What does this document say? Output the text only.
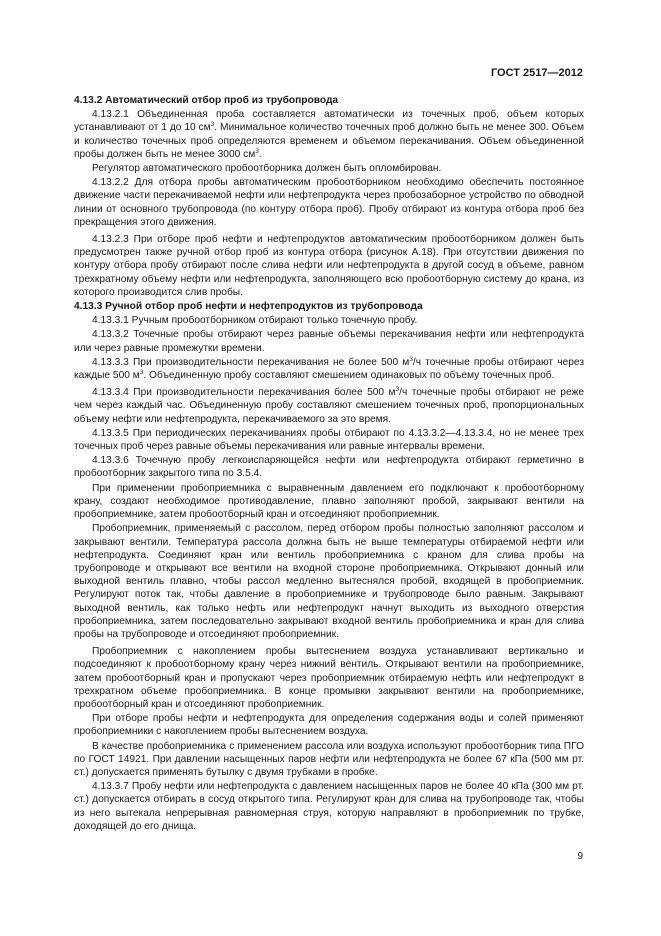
ГОСТ 2517—2012

4.13.2 Автоматический отбор проб из трубопровода

4.13.2.1 Объединенная проба составляется автоматически из точечных проб, объем которых устанавливают от 1 до 10 $см^3$. Минимальное количество точечных проб должно быть не менее 300. Объем и количество точечных проб определяются временем и объемом перекачивания. Объем объединенной пробы должен быть не менее 3000 $см^3$.

Регулятор автоматического пробоотборника должен быть опломбирован.

4.13.2.2 Для отбора пробы автоматическим пробоотборником необходимо обеспечить постоянное движение части перекачиваемой нефти или нефтепродукта через пробозаборное устройство по обводной линии от основного трубопровода (по контуру отбора проб). Пробу отбирают из контура отбора проб без прекращения этого движения.

4.13.2.3 При отборе проб нефти и нефтепродуктов автоматическим пробоотборником должен быть предусмотрен также ручной отбор проб из контура отбора (рисунок А.18). При отсутствии движения по контуру отбора пробу отбирают после слива нефти или нефтепродукта в другой сосуд в объеме, равном трехкратному объему нефти или нефтепродукта, заполняющего всю пробоотборную систему до крана, из которого производится слив пробы.

4.13.3 Ручной отбор проб нефти и нефтепродуктов из трубопровода

4.13.3.1 Ручным пробоотборником отбирают только точечную пробу.

4.13.3.2 Точечные пробы отбирают через равные объемы перекачивания нефти или нефтепродукта или через равные промежутки времени.

4.13.3.3 При производительности перекачивания не более 500 $м^3/ч$ точечные пробы отбирают через каждые 500 $м^3$. Объединенную пробу составляют смешением одинаковых по объему точечных проб.

4.13.3.4 При производительности перекачивания более 500 $м^3/ч$ точечные пробы отбирают не реже чем через каждый час. Объединенную пробу составляют смешением точечных проб, пропорциональных объему нефти или нефтепродукта, перекачиваемого за это время.

4.13.3.5 При периодических перекачиваниях пробы отбирают по 4.13.3.2—4.13.3.4, но не менее трех точечных проб через равные объемы перекачивания или равные интервалы времени.

4.13.3.6 Точечную пробу легкоиспаряющейся нефти или нефтепродукта отбирают герметично в пробоотборник закрытого типа по 3.5.4.

При применении пробоприемника с выравненным давлением его подключают к пробоотборному крану, создают необходимое противодавление, плавно заполняют пробой, закрывают вентили на пробоприемнике, затем пробоотборный кран и отсоединяют пробоприемник.

Пробоприемник, применяемый с рассолом, перед отбором пробы полностью заполняют рассолом и закрывают вентили. Температура рассола должна быть не выше температуры отбираемой нефти или нефтепродукта. Соединяют кран или вентиль пробоприемника с краном для слива пробы на трубопроводе и открывают все вентили на входной стороне пробоприемника. Открывают донный или выходной вентиль плавно, чтобы рассол медленно вытеснялся пробой, входящей в пробоприемник. Регулируют поток так, чтобы давление в пробоприемнике и трубопроводе было равным. Закрывают выходной вентиль, как только нефть или нефтепродукт начнут выходить из выходного отверстия пробоприемника, затем последовательно закрывают входной вентиль пробоприемника и кран для слива пробы на трубопроводе и отсоединяют пробоприемник.

Пробоприемник с накоплением пробы вытеснением воздуха устанавливают вертикально и подсоединяют к пробоотборному крану через нижний вентиль. Открывают вентили на пробоприемнике, затем пробоотборный кран и пропускают через пробоприемник отбираемую нефть или нефтепродукт в трехкратном объеме пробоприемника. В конце промывки закрывают вентили на пробоприемнике, пробоотборный кран и отсоединяют пробоприемник.

При отборе пробы нефти и нефтепродукта для определения содержания воды и солей применяют пробоприемники с накоплением пробы вытеснением воздуха.

В качестве пробоприемника с применением рассола или воздуха используют пробоотборник типа ПГО по ГОСТ 14921. При давлении насыщенных паров нефти или нефтепродукта не более 67 кПа (500 мм рт. ст.) допускается применять бутылку с двумя трубками в пробке.

4.13.3.7 Пробу нефти или нефтепродукта с давлением насыщенных паров не более 40 кПа (300 мм рт. ст.) допускается отбирать в сосуд открытого типа. Регулируют кран для слива на трубопроводе так, чтобы из него вытекала непрерывная равномерная струя, которую направляют в пробоприемник по трубке, доходящей до его днища.

9
